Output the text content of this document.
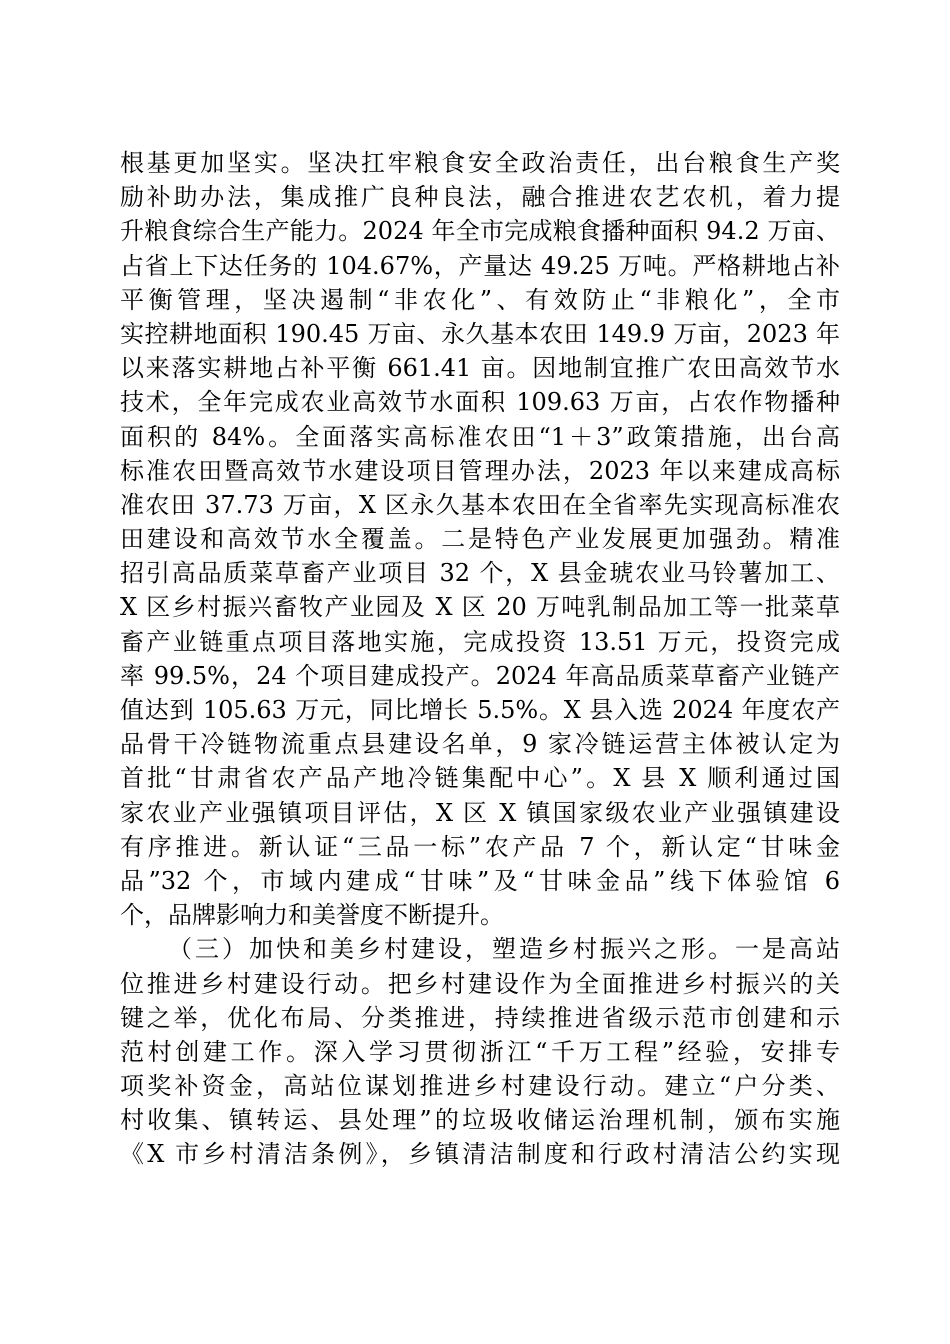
根基更加坚实。坚决扛牢粮食安全政治责任，出台粮食生产奖
励补助办法，集成推广良种良法，融合推进农艺农机，着力提
升粮食综合生产能力。2024 年全市完成粮食播种面积 94.2 万亩、
占省上下达任务的 104.67%，产量达 49.25 万吨。严格耕地占补
平衡管理，坚决遏制“非农化”、有效防止“非粮化”，全市
实控耕地面积 190.45 万亩、永久基本农田 149.9 万亩，2023 年
以来落实耕地占补平衡 661.41 亩。因地制宜推广农田高效节水
技术，全年完成农业高效节水面积 109.63 万亩，占农作物播种
面积的 84%。全面落实高标准农田“1＋3”政策措施，出台高
标准农田暨高效节水建设项目管理办法，2023 年以来建成高标
准农田 37.73 万亩，X 区永久基本农田在全省率先实现高标准农
田建设和高效节水全覆盖。二是特色产业发展更加强劲。精准
招引高品质菜草畜产业项目 32 个，X 县金琥农业马铃薯加工、
X 区乡村振兴畜牧产业园及 X 区 20 万吨乳制品加工等一批菜草
畜产业链重点项目落地实施，完成投资 13.51 万元，投资完成
率 99.5%，24 个项目建成投产。2024 年高品质菜草畜产业链产
值达到 105.63 万元，同比增长 5.5%。X 县入选 2024 年度农产
品骨干冷链物流重点县建设名单，9 家冷链运营主体被认定为
首批“甘肃省农产品产地冷链集配中心”。X 县 X 顺利通过国
家农业产业强镇项目评估，X 区 X 镇国家级农业产业强镇建设
有序推进。新认证“三品一标”农产品 7 个，新认定“甘味金
品”32 个，市域内建成“甘味”及“甘味金品”线下体验馆 6
个，品牌影响力和美誉度不断提升。
（三）加快和美乡村建设，塑造乡村振兴之形。一是高站
位推进乡村建设行动。把乡村建设作为全面推进乡村振兴的关
键之举，优化布局、分类推进，持续推进省级示范市创建和示
范村创建工作。深入学习贯彻浙江“千万工程”经验，安排专
项奖补资金，高站位谋划推进乡村建设行动。建立“户分类、
村收集、镇转运、县处理”的垃圾收储运治理机制，颁布实施
《X 市乡村清洁条例》，乡镇清洁制度和行政村清洁公约实现
